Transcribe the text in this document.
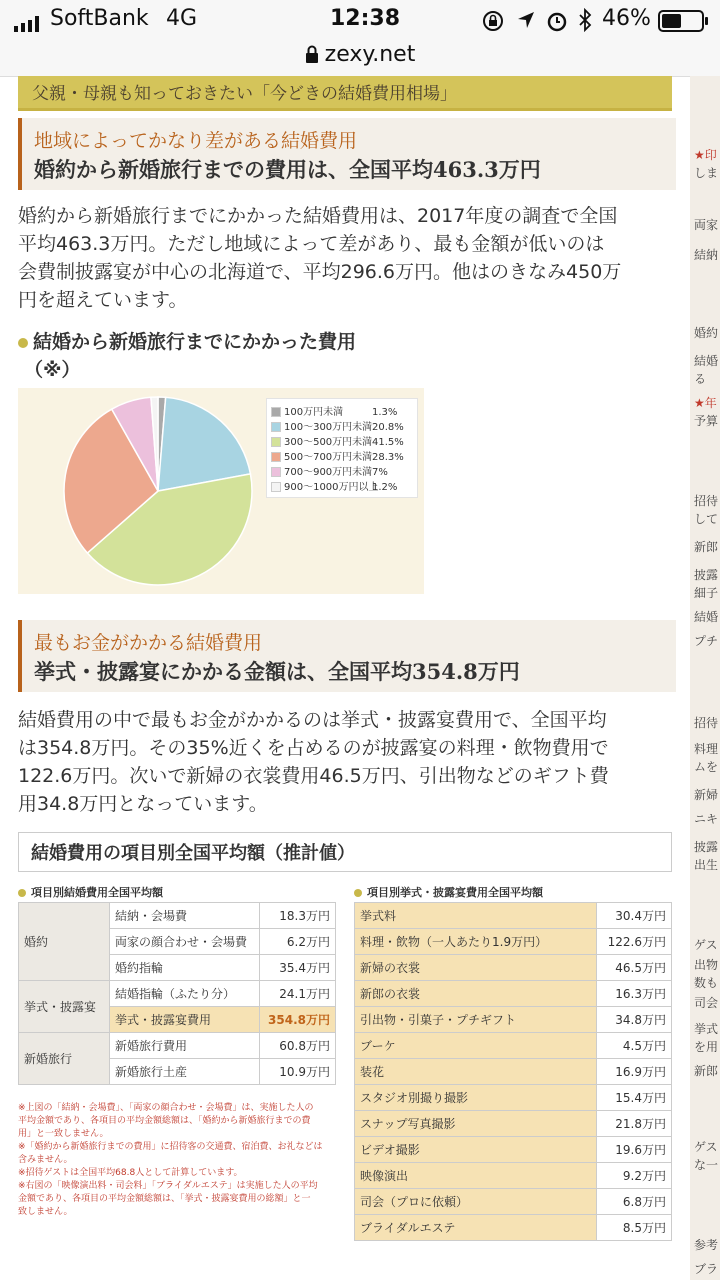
SoftBank 4G	12:38	46%
zexy.net
父親・母親も知っておきたい「今どきの結婚費用相場」
地域によってかなり差がある結婚費用
婚約から新婚旅行までの費用は、全国平均463.3万円
婚約から新婚旅行までにかかった結婚費用は、2017年度の調査で全国
平均463.3万円。ただし地域によって差があり、最も金額が低いのは
会費制披露宴が中心の北海道で、平均296.6万円。他はのきなみ450万
円を超えています。
結婚から新婚旅行までにかかった費用
（※）
100万円未満	1.3%
100～300万円未満20.8%
300～500万円未満41.5%
500～700万円未満28.3%
700～900万円未満7%
900～1000万円以上1.2%
最もお金がかかる結婚費用
挙式・披露宴にかかる金額は、全国平均354.8万円
結婚費用の中で最もお金がかかるのは挙式・披露宴費用で、全国平均
は354.8万円。その35%近くを占めるのが披露宴の料理・飲物費用で
122.6万円。次いで新婦の衣裳費用46.5万円、引出物などのギフト費
用34.8万円となっています。
結婚費用の項目別全国平均額（推計値）
項目別結婚費用全国平均額
婚約	結納・会場費	18.3万円
	両家の顔合わせ・会場費	6.2万円
	婚約指輪	35.4万円
挙式・披露宴	結婚指輪（ふたり分）	24.1万円
	挙式・披露宴費用	354.8万円
新婚旅行	新婚旅行費用	60.8万円
	新婚旅行土産	10.9万円
※上図の「結納・会場費」、「両家の顔合わせ・会場費」は、実施した人の
平均金額であり、各項目の平均金額総額は、「婚約から新婚旅行までの費
用」と一致しません。
※「婚約から新婚旅行までの費用」に招待客の交通費、宿泊費、お礼などは
含みません。
※招待ゲストは全国平均68.8人として計算しています。
※右図の「映像演出料・司会料」「ブライダルエステ」は実施した人の平均
金額であり、各項目の平均金額総額は、「挙式・披露宴費用の総額」と一
致しません。
項目別挙式・披露宴費用全国平均額
挙式料	30.4万円
料理・飲物（一人あたり1.9万円）	122.6万円
新婦の衣裳	46.5万円
新郎の衣裳	16.3万円
引出物・引菓子・プチギフト	34.8万円
ブーケ	4.5万円
装花	16.9万円
スタジオ別撮り撮影	15.4万円
スナップ写真撮影	21.8万円
ビデオ撮影	19.6万円
映像演出	9.2万円
司会（プロに依頼）	6.8万円
ブライダルエステ	8.5万円
★印
しま
両家
結納
婚約
結婚
る
★年
予算
招待
して
新郎
披露
細子
結婚
プチ
招待
料理
ムを
新婦
ニキ
披露
出生
ゲス
出物
数も
司会
挙式
を用
新郎
ゲス
な一
参考
ブラ
